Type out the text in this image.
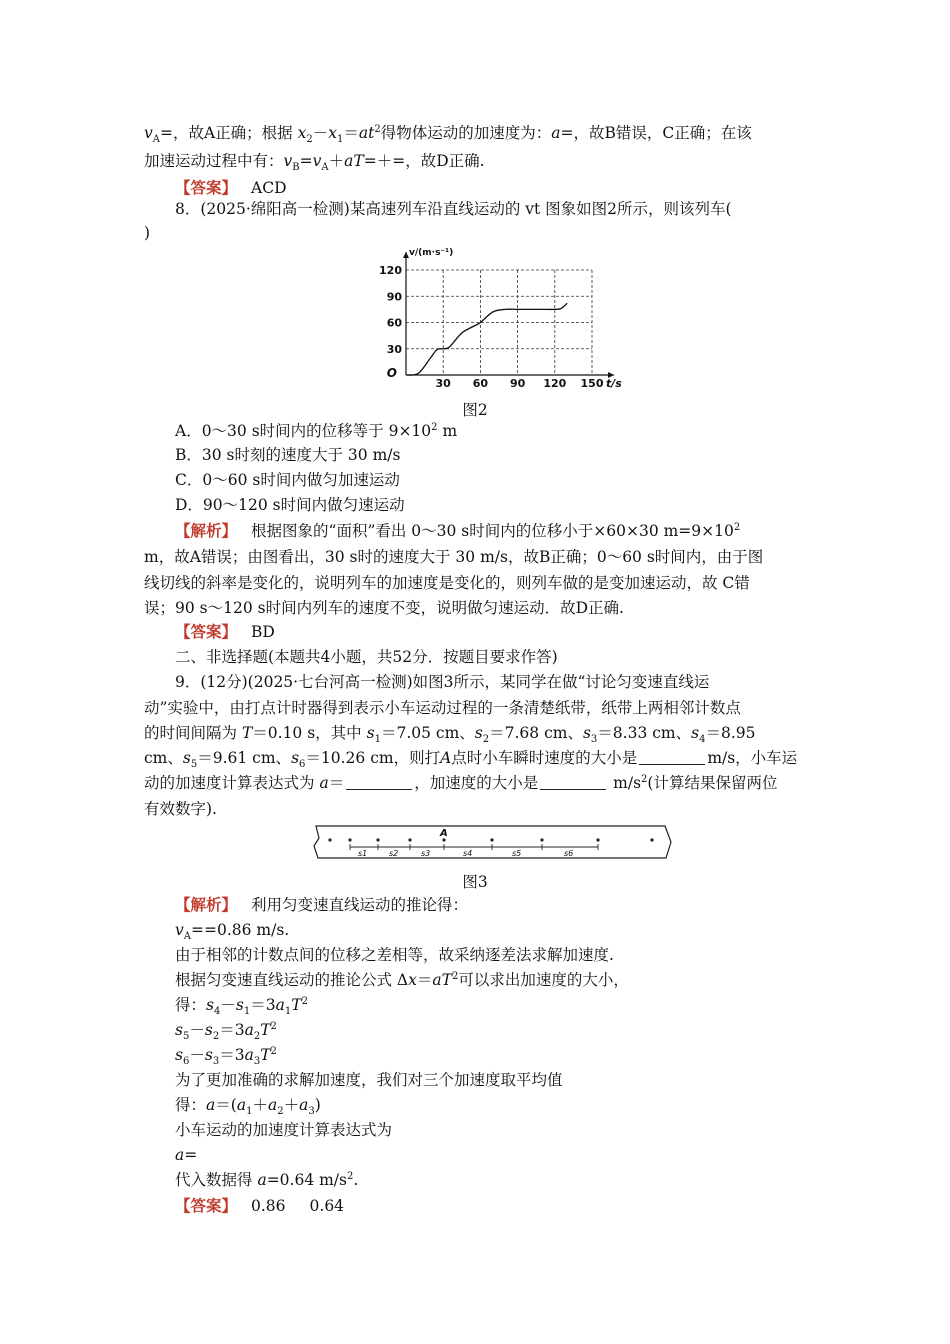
$v_A=$，故A正确；根据 $x_2-x_1=at^2$得物体运动的加速度为：a=，故B错误，C正确；在该
加速运动过程中有：$v_B=v_A+aT=+=$，故D正确.
【答案】 ACD
8．(2025·绵阳高一检测)某高速列车沿直线运动的 vt 图象如图2所示，则该列车(
)
30 60 90 120 150
30
60
90
120
O
t/s
v/(m·s⁻¹)
图2
A．0～30 s时间内的位移等于 $9\times 10^2$ m
B．30 s时刻的速度大于 30 m/s
C．0～60 s时间内做匀加速运动
D．90～120 s时间内做匀速运动
【解析】 根据图象的“面积”看出 0～30 s时间内的位移小于×60×30 $m=9\times 10^2$
m，故A错误；由图看出，30 s时的速度大于 30 m/s，故B正确；0～60 s时间内，由于图
线切线的斜率是变化的，说明列车的加速度是变化的，则列车做的是变加速运动，故 C错
误；90 s～120 s时间内列车的速度不变，说明做匀速运动．故D正确.
【答案】 BD
二、非选择题(本题共4小题，共52分．按题目要求作答)
9．(12分)(2025·七台河高一检测)如图3所示，某同学在做“讨论匀变速直线运
动”实验中，由打点计时器得到表示小车运动过程的一条清楚纸带，纸带上两相邻计数点
的时间间隔为 T＝0.10 s，其中 $s_1=7.05$ cm、$s_2=7.68$ cm、$s_3=8.33$ cm、$s_4=8.95$
cm、$s_5=9.61$ cm、$s_6=10.26$ cm，则打A点时小车瞬时速度的大小是	m/s，小车运
动的加速度计算表达式为 a＝	，加速度的大小是	$m/s^2$(计算结果保留两位
有效数字).
A
s1	s2	s3	s4	s5	s6
图3
【解析】 利用匀变速直线运动的推论得：
$v_A==0.86$ m/s.
由于相邻的计数点间的位移之差相等，故采纳逐差法求解加速度.
根据匀变速直线运动的推论公式 $\Delta x=aT^2$可以求出加速度的大小，
得：$s_4-s_1=3a_1T^2$
$s_5-s_2=3a_2T^2$
$s_6-s_3=3a_3T^2$
为了更加准确的求解加速度，我们对三个加速度取平均值
得：$a=(a_1+a_2+a_3)$
小车运动的加速度计算表达式为
a=
代入数据得 a=0.64 $m/s^2$.
【答案】 0.86 0.64
